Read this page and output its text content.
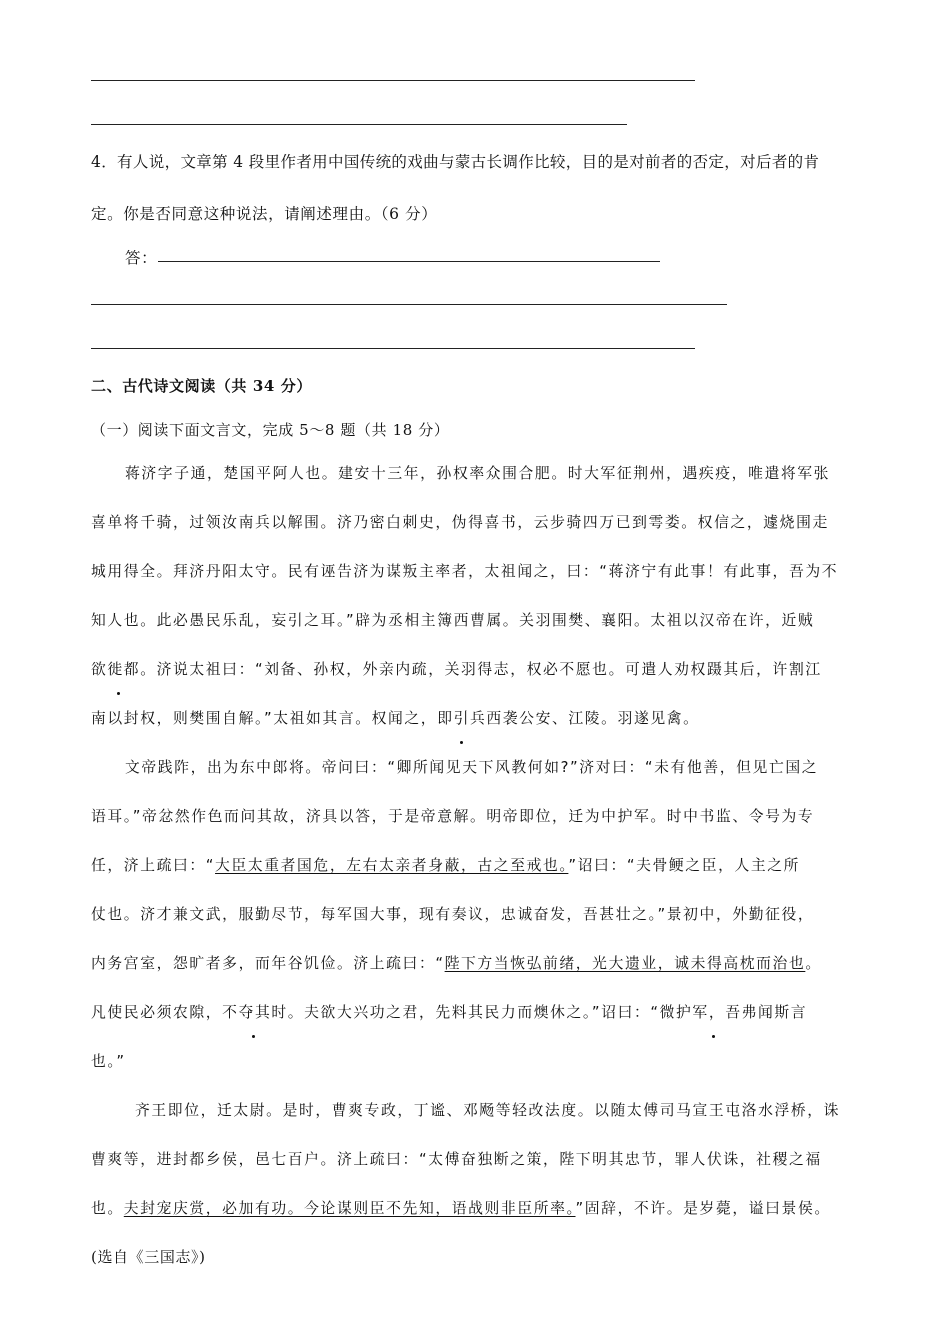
4．有人说，文章第 4 段里作者用中国传统的戏曲与蒙古长调作比较，目的是对前者的否定，对后者的肯
定。你是否同意这种说法，请阐述理由。（6 分）
答：
二、古代诗文阅读（共 34 分）
（一）阅读下面文言文，完成 5～8 题（共 18 分）
蒋济字子通，楚国平阿人也。建安十三年，孙权率众围合肥。时大军征荆州，遇疾疫，唯遣将军张
喜单将千骑，过领汝南兵以解围。济乃密白刺史，伪得喜书，云步骑四万已到雩娄。权信之，遽烧围走
城用得全。拜济丹阳太守。民有诬告济为谋叛主率者，太祖闻之，曰：“蒋济宁有此事！有此事，吾为不
知人也。此必愚民乐乱，妄引之耳。”辟为丞相主簿西曹属。关羽围樊、襄阳。太祖以汉帝在许，近贼
欲徙都。济说太祖曰：“刘备、孙权，外亲内疏，关羽得志，权必不愿也。可遣人劝权蹑其后，许割江
南以封权，则樊围自解。”太祖如其言。权闻之，即引兵西袭公安、江陵。羽遂见禽。
文帝践阼，出为东中郎将。帝问曰：“卿所闻见天下风教何如?”济对曰：“未有他善，但见亡国之
语耳。”帝忿然作色而问其故，济具以答，于是帝意解。明帝即位，迁为中护军。时中书监、令号为专
任，济上疏曰：“大臣太重者国危，左右太亲者身蔽，古之至戒也。”诏曰：“夫骨鲠之臣，人主之所
仗也。济才兼文武，服勤尽节，每军国大事，现有奏议，忠诚奋发，吾甚壮之。”景初中，外勤征役，
内务宫室，怨旷者多，而年谷饥俭。济上疏曰：“陛下方当恢弘前绪，光大遗业，诚未得高枕而治也。
凡使民必须农隙，不夺其时。夫欲大兴功之君，先料其民力而燠休之。”诏曰：“微护军，吾弗闻斯言
也。”
齐王即位，迁太尉。是时，曹爽专政，丁谧、邓飏等轻改法度。以随太傅司马宣王屯洛水浮桥，诛
曹爽等，进封都乡侯，邑七百户。济上疏曰：“太傅奋独断之策，陛下明其忠节，罪人伏诛，社稷之福
也。夫封宠庆赏，必加有功。今论谋则臣不先知，语战则非臣所率。”固辞，不许。是岁薨，谥曰景侯。
(选自《三国志》)
